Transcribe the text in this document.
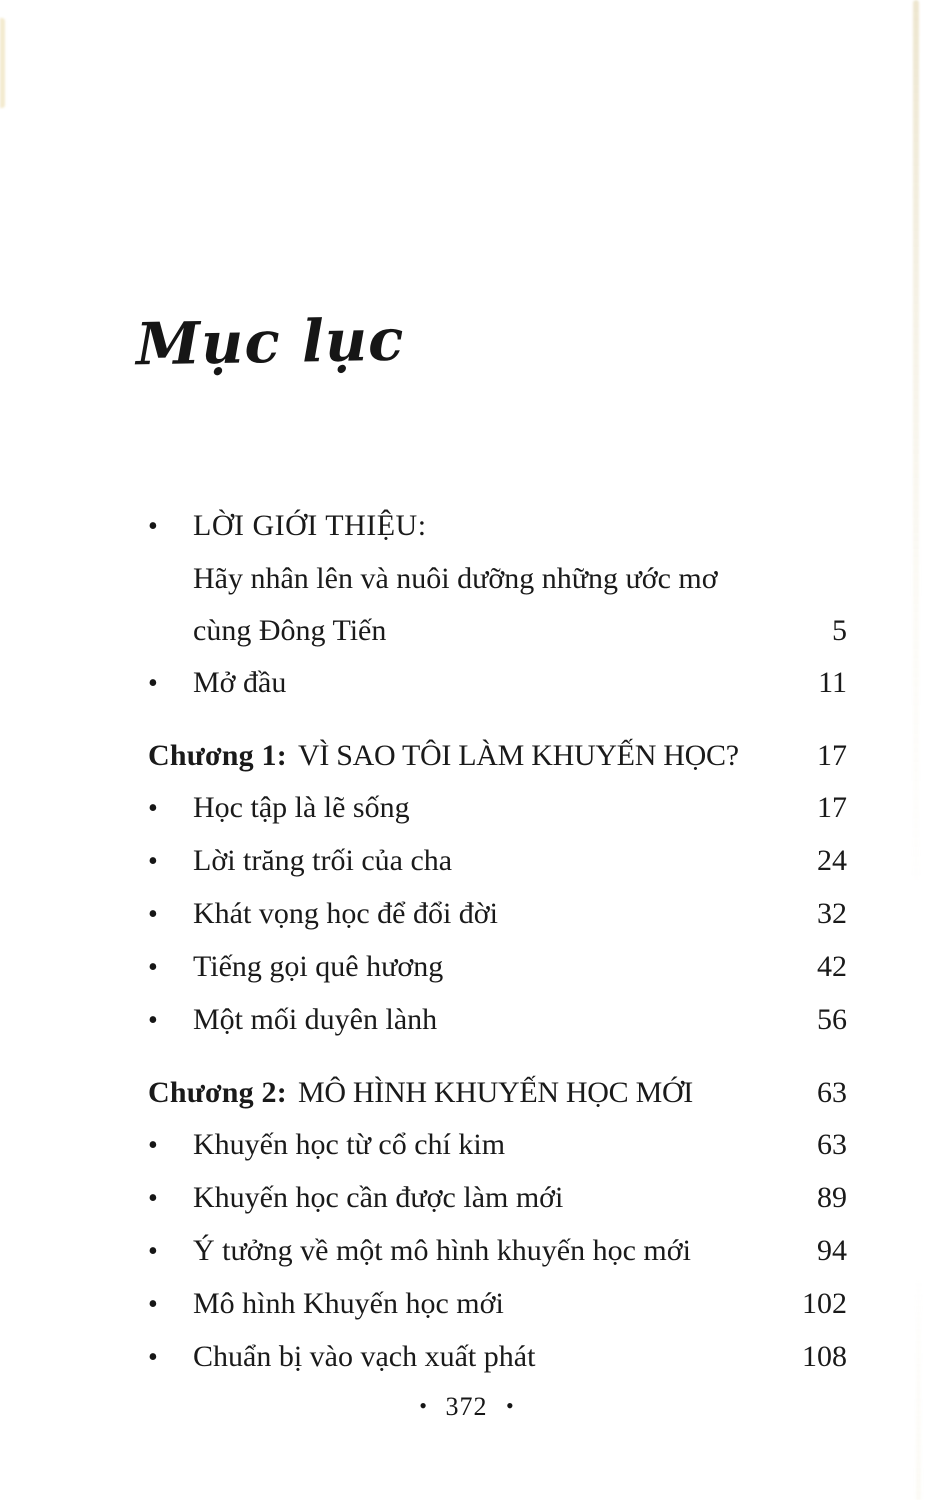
Mục lục
•	LỜI GIỚI THIỆU:
Hãy nhân lên và nuôi dưỡng những ước mơ
cùng Đông Tiến	5
•	Mở đầu	11
Chương 1: VÌ SAO TÔI LÀM KHUYẾN HỌC?	17
•	Học tập là lẽ sống	17
•	Lời trăng trối của cha	24
•	Khát vọng học để đổi đời	32
•	Tiếng gọi quê hương	42
•	Một mối duyên lành	56
Chương 2: MÔ HÌNH KHUYẾN HỌC MỚI	63
•	Khuyến học từ cổ chí kim	63
•	Khuyến học cần được làm mới	89
•	Ý tưởng về một mô hình khuyến học mới	94
•	Mô hình Khuyến học mới	102
•	Chuẩn bị vào vạch xuất phát	108
• 372 •
